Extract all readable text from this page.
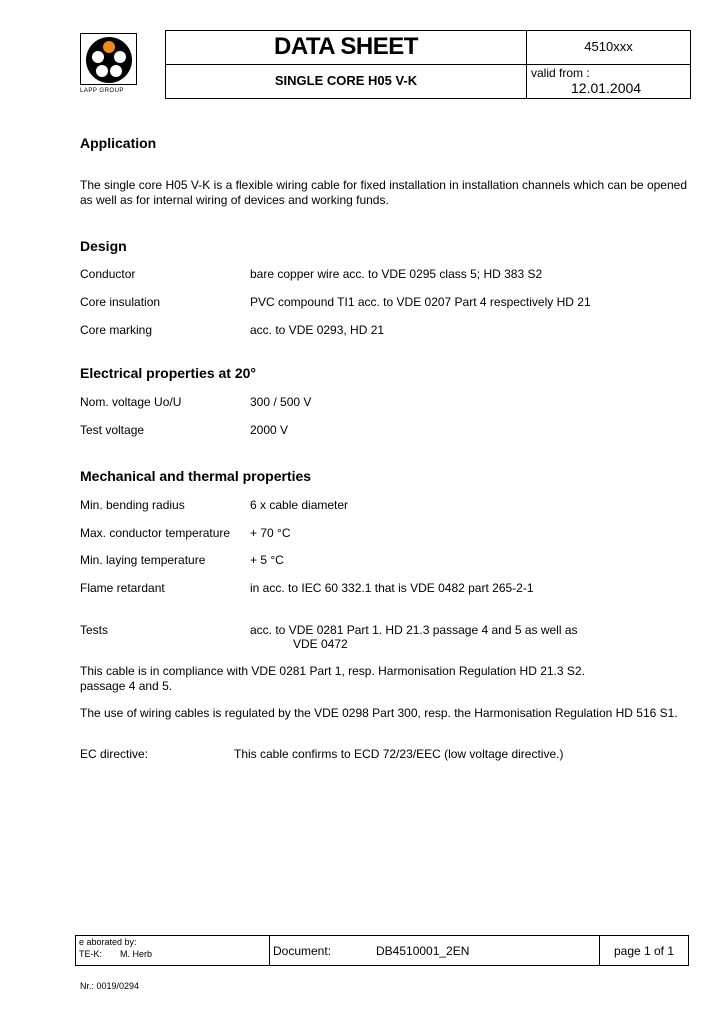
LAPP GROUP
DATA SHEET
SINGLE CORE H05 V-K
4510xxx
valid from :
12.01.2004
Application
The single core H05 V-K is a flexible wiring cable for fixed installation in installation channels which can be opened as well as for internal wiring of devices and working funds.
Design
Conductor	bare copper wire acc. to VDE 0295 class 5; HD 383 S2
Core insulation	PVC compound TI1 acc. to VDE 0207 Part 4 respectively HD 21
Core marking	acc. to VDE 0293, HD 21
Electrical properties at 20°
Nom. voltage Uo/U	300 / 500 V
Test voltage	2000 V
Mechanical and thermal properties
Min. bending radius	6 x cable diameter
Max. conductor temperature + 70 °C
Min. laying temperature	+ 5 °C
Flame retardant	in acc. to IEC 60 332.1 that is VDE 0482 part 265-2-1
Tests	acc. to VDE 0281 Part 1. HD 21.3 passage 4 and 5 as well as
VDE 0472
This cable is in compliance with VDE 0281 Part 1, resp. Harmonisation Regulation HD 21.3 S2.
passage 4 and 5.
The use of wiring cables is regulated by the VDE 0298 Part 300, resp. the Harmonisation Regulation HD 516 S1.
EC directive:	This cable confirms to ECD 72/23/EEC (low voltage directive.)
e aborated by:
TE-K: M. Herb	Document:	DB4510001_2EN	page 1 of 1
Nr.: 0019/0294
